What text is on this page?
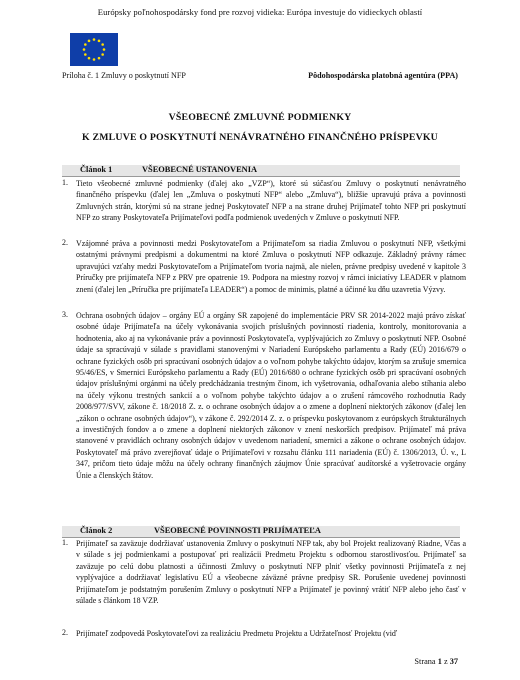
Európsky poľnohospodársky fond pre rozvoj vidieka: Európa investuje do vidieckych oblastí
Príloha č. 1 Zmluvy o poskytnutí NFP	Pôdohospodárska platobná agentúra (PPA)
VŠEOBECNÉ ZMLUVNÉ PODMIENKY
K ZMLUVE O POSKYTNUTÍ NENÁVRATNÉHO FINANČNÉHO PRÍSPEVKU
Článok 1	VŠEOBECNÉ USTANOVENIA
1. Tieto všeobecné zmluvné podmienky (ďalej ako „VZP“), ktoré sú súčasťou Zmluvy o poskytnutí nenávratného finančného príspevku (ďalej len „Zmluva o poskytnutí NFP“ alebo „Zmluva“), bližšie upravujú práva a povinnosti Zmluvných strán, ktorými sú na strane jednej Poskytovateľ NFP a na strane druhej Prijímateľ tohto NFP pri poskytnutí NFP zo strany Poskytovateľa Prijímateľovi podľa podmienok uvedených v Zmluve o poskytnutí NFP.
2. Vzájomné práva a povinnosti medzi Poskytovateľom a Prijímateľom sa riadia Zmluvou o poskytnutí NFP, všetkými ostatnými právnymi predpismi a dokumentmi na ktoré Zmluva o poskytnutí NFP odkazuje. Základný právny rámec upravujúci vzťahy medzi Poskytovateľom a Prijímateľom tvoria najmä, ale nielen, právne predpisy uvedené v kapitole 3 Príručky pre prijímateľa NFP z PRV pre opatrenie 19. Podpora na miestny rozvoj v rámci iniciatívy LEADER v platnom znení (ďalej len „Príručka pre prijímateľa LEADER“) a pomoc de minimis, platné a účinné ku dňu uzavretia Výzvy.
3. Ochrana osobných údajov – orgány EÚ a orgány SR zapojené do implementácie PRV SR 2014-2022 majú právo získať osobné údaje Prijímateľa na účely vykonávania svojich príslušných povinností riadenia, kontroly, monitorovania a hodnotenia, ako aj na vykonávanie práv a povinností Poskytovateľa, vyplývajúcich zo Zmluvy o poskytnutí NFP. Osobné údaje sa spracúvajú v súlade s pravidlami stanovenými v Nariadení Európskeho parlamentu a Rady (EÚ) 2016/679 o ochrane fyzických osôb pri spracúvaní osobných údajov a o voľnom pohybe takýchto údajov, ktorým sa zrušuje smernica 95/46/ES, v Smernici Európskeho parlamentu a Rady (EÚ) 2016/680 o ochrane fyzických osôb pri spracúvaní osobných údajov príslušnými orgánmi na účely predchádzania trestným činom, ich vyšetrovania, odhaľovania alebo stíhania alebo na účely výkonu trestných sankcií a o voľnom pohybe takýchto údajov a o zrušení rámcového rozhodnutia Rady 2008/977/SVV, zákone č. 18/2018 Z. z. o ochrane osobných údajov a o zmene a doplnení niektorých zákonov (ďalej len „zákon o ochrane osobných údajov“), v zákone č. 292/2014 Z. z. o príspevku poskytovanom z európskych štrukturálnych a investičných fondov a o zmene a doplnení niektorých zákonov v znení neskorších predpisov. Prijímateľ má práva stanovené v pravidlách ochrany osobných údajov v uvedenom nariadení, smernici a zákone o ochrane osobných údajov. Poskytovateľ má právo zverejňovať údaje o Prijímateľovi v rozsahu článku 111 nariadenia (EÚ) č. 1306/2013, Ú. v., L 347, pričom tieto údaje môžu na účely ochrany finančných záujmov Únie spracúvať audítorské a vyšetrovacie orgány Únie a členských štátov.
Článok 2	VŠEOBECNÉ POVINNOSTI PRIJÍMATEĽA
1. Prijímateľ sa zaväzuje dodržiavať ustanovenia Zmluvy o poskytnutí NFP tak, aby bol Projekt realizovaný Riadne, Včas a v súlade s jej podmienkami a postupovať pri realizácii Predmetu Projektu s odbornou starostlivosťou. Prijímateľ sa zaväzuje po celú dobu platnosti a účinnosti Zmluvy o poskytnutí NFP plniť všetky povinnosti Prijímateľa z nej vyplývajúce a dodržiavať legislatívu EÚ a všeobecne záväzné právne predpisy SR. Porušenie uvedenej povinnosti Prijímateľom je podstatným porušením Zmluvy o poskytnutí NFP a Prijímateľ je povinný vrátiť NFP alebo jeho časť v súlade s článkom 18 VZP.
2. Prijímateľ zodpovedá Poskytovateľovi za realizáciu Predmetu Projektu a Udržateľnosť Projektu (viď
Strana 1 z 37
